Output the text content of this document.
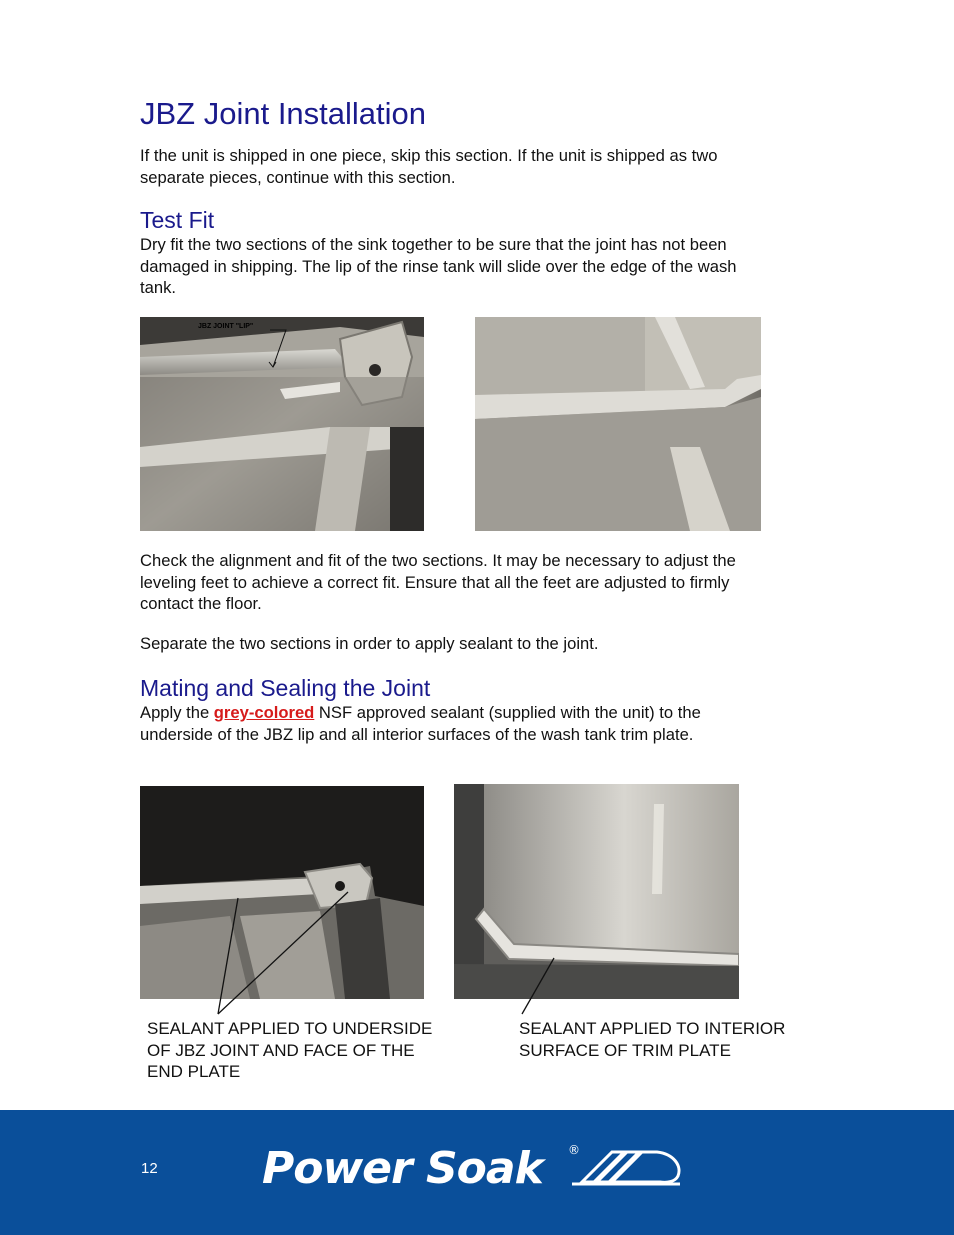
JBZ Joint Installation

If the unit is shipped in one piece, skip this section. If the unit is shipped as two separate pieces, continue with this section.

Test Fit

Dry fit the two sections of the sink together to be sure that the joint has not been damaged in shipping. The lip of the rinse tank will slide over the edge of the wash tank.

JBZ JOINT "LIP"

Check the alignment and fit of the two sections. It may be necessary to adjust the leveling feet to achieve a correct fit. Ensure that all the feet are adjusted to firmly contact the floor.

Separate the two sections in order to apply sealant to the joint.

Mating and Sealing the Joint

Apply the grey-colored NSF approved sealant (supplied with the unit) to the underside of the JBZ lip and all interior surfaces of the wash tank trim plate.

SEALANT APPLIED TO UNDERSIDE OF JBZ JOINT AND FACE OF THE END PLATE

SEALANT APPLIED TO INTERIOR SURFACE OF TRIM PLATE

12 Power Soak	®
